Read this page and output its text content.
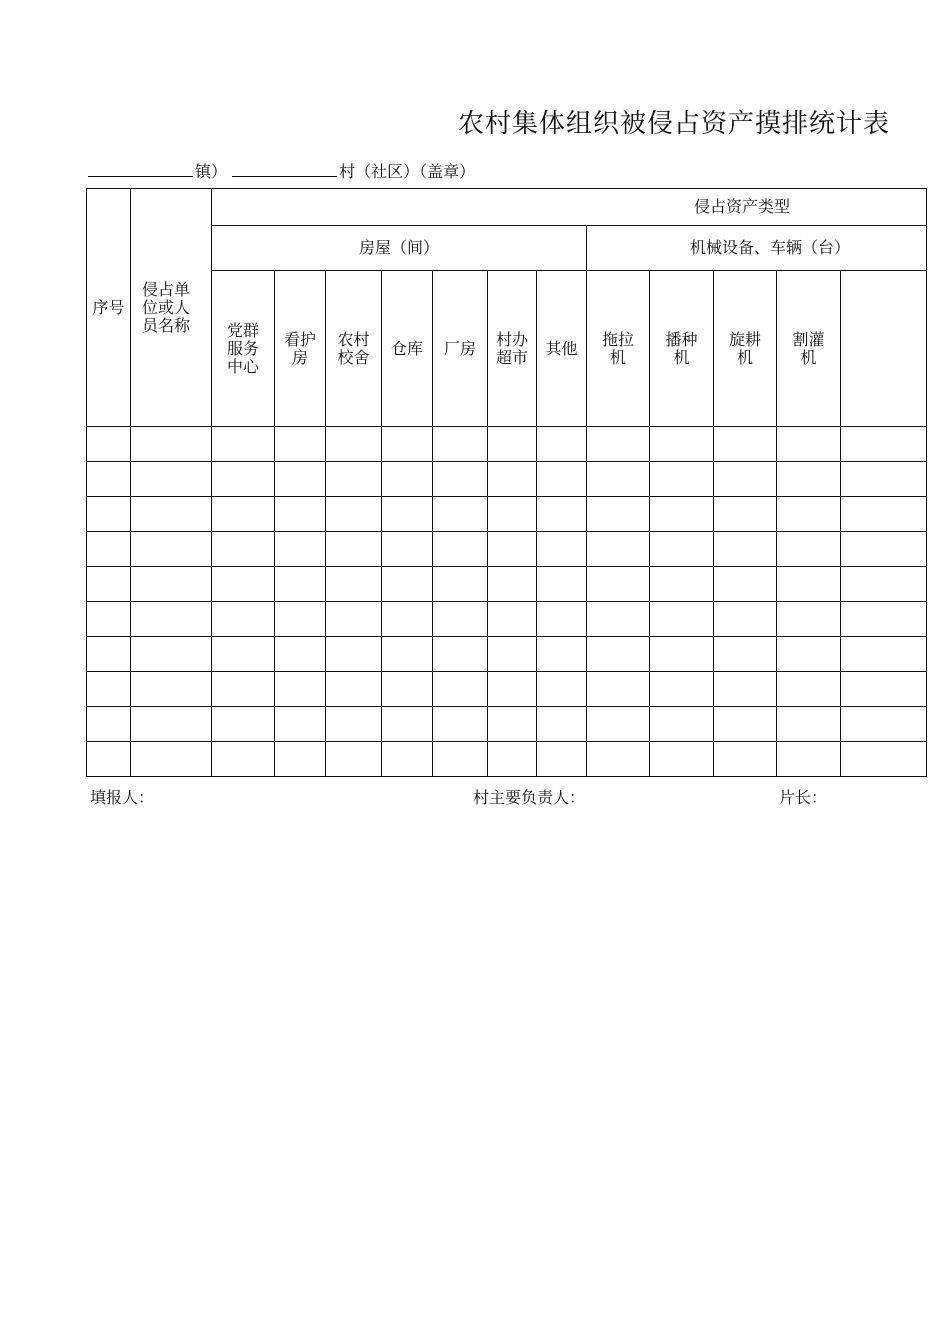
农村集体组织被侵占资产摸排统计表
镇）	村（社区）（盖章）
序号	侵占单位或人员名称	侵占资产类型											
		房屋（间）							机械设备、车辆（台）				
		党群服务中心	看护房	农村校舍	仓库	厂房	村办超市	其他	拖拉机	播种机	旋耕机	割灌机	

填报人：	村主要负责人：	片长：
